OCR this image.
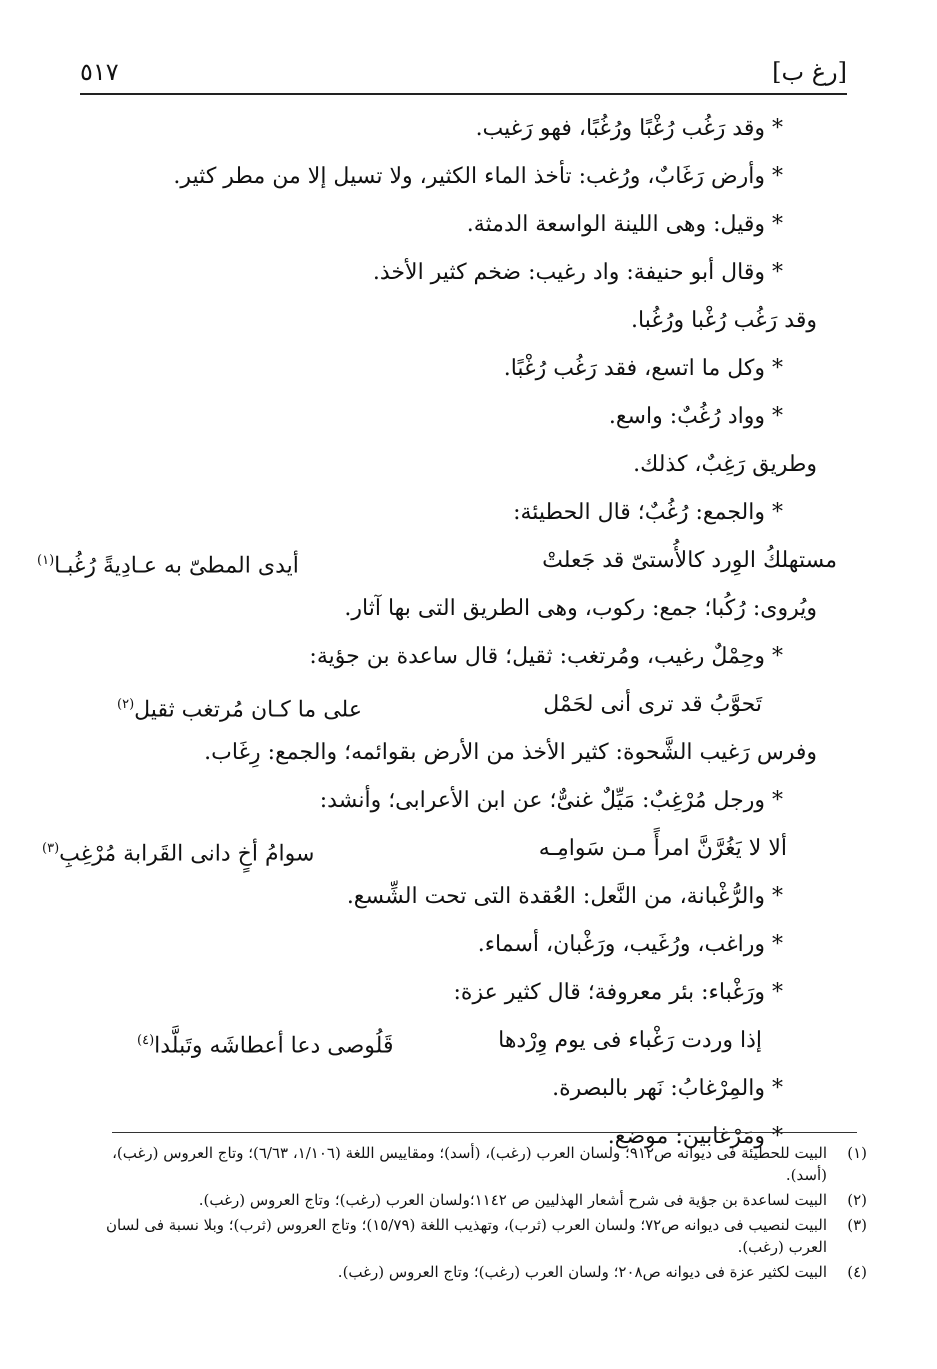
[رغ ب]
٥١٧
* وقد رَغُب رُغْبًا ورُغُبًا، فهو رَغيب.
* وأرض رَغَابٌ، ورُغب: تأخذ الماء الكثير، ولا تسيل إلا من مطر كثير.
* وقيل: وهى اللينة الواسعة الدمثة.
* وقال أبو حنيفة: واد رغيب: ضخم كثير الأخذ.
وقد رَغُب رُغْبا ورُغُبا.
* وكل ما اتسع، فقد رَغُب رُغْبًا.
* وواد رُغُبٌ: واسع.
وطريق رَغِبٌ، كذلك.
* والجمع: رُغُبٌ؛ قال الحطيئة:
مستهلكُ الوِرد كالأُستىّ قد جَعلتْ
أيدى المطىّ به عـادِيةً رُغُبـا$^{(١)}$
ويُروى: رُكُبا؛ جمع: ركوب، وهى الطريق التى بها آثار.
* وحِمْلٌ رغيب، ومُرتغب: ثقيل؛ قال ساعدة بن جؤية:
تَحوَّبُ قد ترى أنى لحَمْل
على ما كـان مُرتغب ثقيل$^{(٢)}$
وفرس رَغيب الشَّحوة: كثير الأخذ من الأرض بقوائمه؛ والجمع: رِغَاب.
* ورجل مُرْغِبٌ: مَيِّلٌ غنىٌّ؛ عن ابن الأعرابى؛ وأنشد:
ألا لا يَغُرَّنَّ امرأً مـن سَوامِـه
سوامُ أخٍ دانى القَرابة مُرْغِبِ$^{(٣)}$
* والرُّغْبانة، من النَّعل: العُقدة التى تحت الشِّسع.
* وراغب، ورُغَيب، ورَغْبان، أسماء.
* ورَغْباء: بئر معروفة؛ قال كثير عزة:
إذا وردت رَغْباء فى يوم وِرْدها
قَلُوصى دعا أعطاشَه وتَبلَّدا$^{(٤)}$
* والمِرْغابُ: نَهر بالبصرة.
* ومَرْغابين: موضع.
(١)
البيت للحطيئة فى ديوانه ص٩١٢؛ ولسان العرب (رغب)، (أسد)؛ ومقاييس اللغة (١/١٠٦، ٦/٦٣)؛ وتاج العروس (رغب)، (أسد).
(٢)
البيت لساعدة بن جؤية فى شرح أشعار الهذليين ص ١١٤٢؛ولسان العرب (رغب)؛ وتاج العروس (رغب).
(٣)
البيت لنصيب فى ديوانه ص٧٢؛ ولسان العرب (ثرب)، وتهذيب اللغة (١٥/٧٩)؛ وتاج العروس (ثرب)؛ وبلا نسبة فى لسان العرب (رغب).
(٤)
البيت لكثير عزة فى ديوانه ص٢٠٨؛ ولسان العرب (رغب)؛ وتاج العروس (رغب).
